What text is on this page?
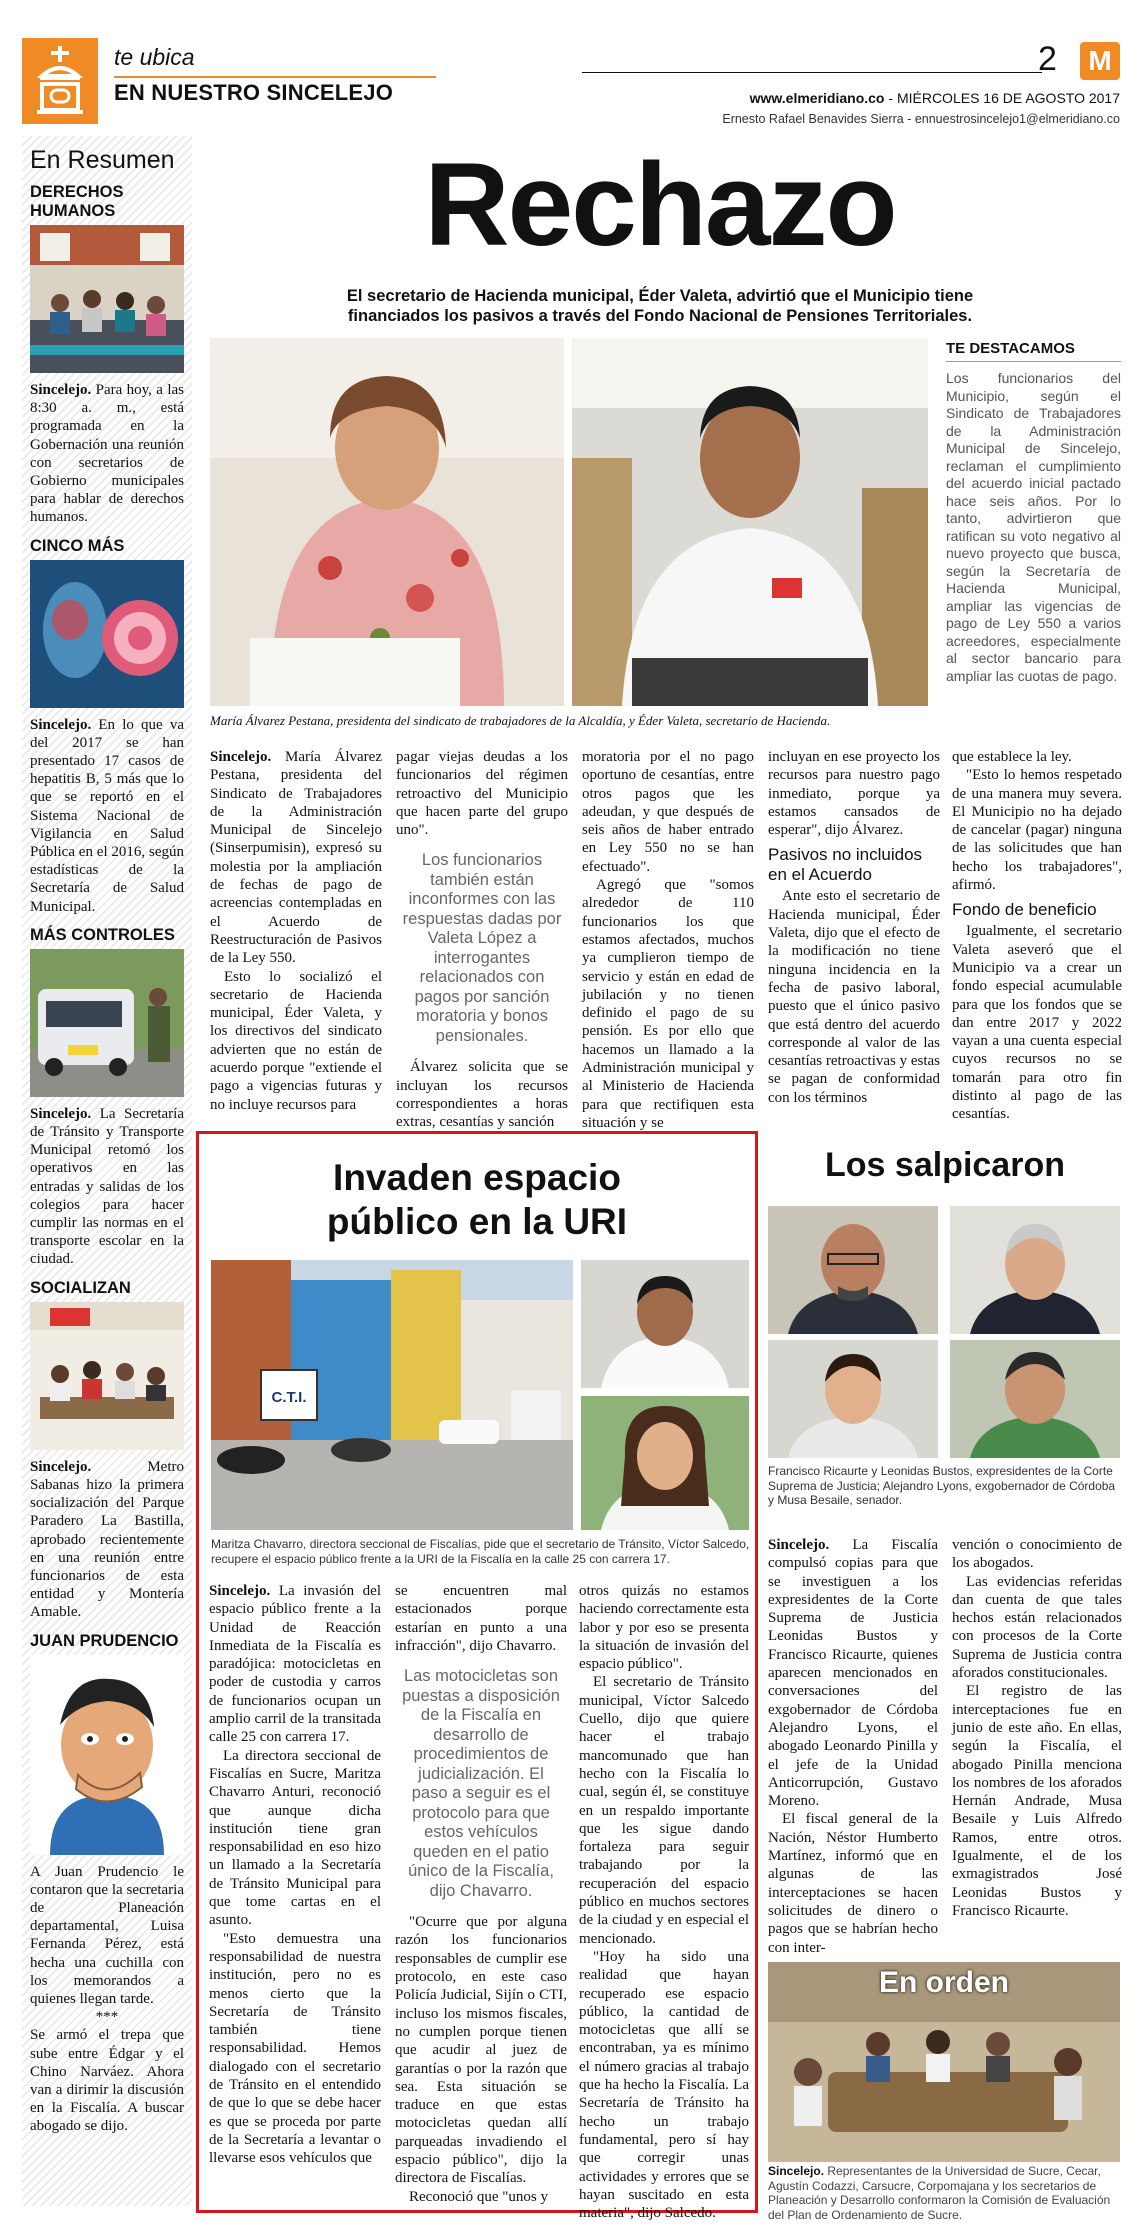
te ubica
EN NUESTRO SINCELEJO
2 M
www.elmeridiano.co - MIÉRCOLES 16 DE AGOSTO 2017
Ernesto Rafael Benavides Sierra - ennuestrosincelejo1@elmeridiano.co
En Resumen
DERECHOS HUMANOS
Sincelejo. Para hoy, a las 8:30 a. m., está programada en la Gobernación una reunión con secretarios de Gobierno municipales para hablar de derechos humanos.
CINCO MÁS
Sincelejo. En lo que va del 2017 se han presentado 17 casos de hepatitis B, 5 más que lo que se reportó en el Sistema Nacional de Vigilancia en Salud Pública en el 2016, según estadísticas de la Secretaría de Salud Municipal.
MÁS CONTROLES
Sincelejo. La Secretaría de Tránsito y Transporte Municipal retomó los operativos en las entradas y salidas de los colegios para hacer cumplir las normas en el transporte escolar en la ciudad.
SOCIALIZAN
Sincelejo. Metro Sabanas hizo la primera socialización del Parque Paradero La Bastilla, aprobado recientemente en una reunión entre funcionarios de esta entidad y Montería Amable.
JUAN PRUDENCIO
A Juan Prudencio le contaron que la secretaria de Planeación departamental, Luisa Fernanda Pérez, está hecha una cuchilla con los memorandos a quienes llegan tarde.
***
Se armó el trepa que sube entre Édgar y el Chino Narváez. Ahora van a dirimir la discusión en la Fiscalía. A buscar abogado se dijo.
Rechazo
El secretario de Hacienda municipal, Éder Valeta, advirtió que el Municipio tiene financiados los pasivos a través del Fondo Nacional de Pensiones Territoriales.
María Álvarez Pestana, presidenta del sindicato de trabajadores de la Alcaldía, y Éder Valeta, secretario de Hacienda.
TE DESTACAMOS
Los funcionarios del Municipio, según el Sindicato de Trabajadores de la Administración Municipal de Sincelejo, reclaman el cumplimiento del acuerdo inicial pactado hace seis años. Por lo tanto, advirtieron que ratifican su voto negativo al nuevo proyecto que busca, según la Secretaría de Hacienda Municipal, ampliar las vigencias de pago de Ley 550 a varios acreedores, especialmente al sector bancario para ampliar las cuotas de pago.

Sincelejo. María Álvarez Pestana, presidenta del Sindicato de Trabajadores de la Administración Municipal de Sincelejo (Sinserpumisin), expresó su molestia por la ampliación de fechas de pago de acreencias contempladas en el Acuerdo de Reestructuración de Pasivos de la Ley 550.

Esto lo socializó el secretario de Hacienda municipal, Éder Valeta, y los directivos del sindicato advierten que no están de acuerdo porque "extiende el pago a vigencias futuras y no incluye recursos para

pagar viejas deudas a los funcionarios del régimen retroactivo del Municipio que hacen parte del grupo uno".

Los funcionarios también están inconformes con las respuestas dadas por Valeta López a interrogantes relacionados con pagos por sanción moratoria y bonos pensionales.

Álvarez solicita que se incluyan los recursos correspondientes a horas extras, cesantías y sanción

moratoria por el no pago oportuno de cesantías, entre otros pagos que les adeudan, y que después de seis años de haber entrado en Ley 550 no se han efectuado".

Agregó que "somos alrededor de 110 funcionarios los que estamos afectados, muchos ya cumplieron tiempo de servicio y están en edad de jubilación y no tienen definido el pago de su pensión. Es por ello que hacemos un llamado a la Administración municipal y al Ministerio de Hacienda para que rectifiquen esta situación y se

incluyan en ese proyecto los recursos para nuestro pago inmediato, porque ya estamos cansados de esperar", dijo Álvarez.

Pasivos no incluidos en el Acuerdo

Ante esto el secretario de Hacienda municipal, Éder Valeta, dijo que el efecto de la modificación no tiene ninguna incidencia en la fecha de pasivo laboral, puesto que el único pasivo que está dentro del acuerdo corresponde al valor de las cesantías retroactivas y estas se pagan de conformidad con los términos

que establece la ley.

"Esto lo hemos respetado de una manera muy severa. El Municipio no ha dejado de cancelar (pagar) ninguna de las solicitudes que han hecho los trabajadores", afirmó.

Fondo de beneficio

Igualmente, el secretario Valeta aseveró que el Municipio va a crear un fondo especial acumulable para que los fondos que se dan entre 2017 y 2022 vayan a una cuenta especial cuyos recursos no se tomarán para otro fin distinto al pago de las cesantías.

Invaden espacio
público en la URI
C.T.I.
Maritza Chavarro, directora seccional de Fiscalías, pide que el secretario de Tránsito, Víctor Salcedo, recupere el espacio público frente a la URI de la Fiscalía en la calle 25 con carrera 17.

Sincelejo. La invasión del espacio público frente a la Unidad de Reacción Inmediata de la Fiscalía es paradójica: motocicletas en poder de custodia y carros de funcionarios ocupan un amplio carril de la transitada calle 25 con carrera 17.

La directora seccional de Fiscalías en Sucre, Maritza Chavarro Anturi, reconoció que aunque dicha institución tiene gran responsabilidad en eso hizo un llamado a la Secretaría de Tránsito Municipal para que tome cartas en el asunto.

"Esto demuestra una responsabilidad de nuestra institución, pero no es menos cierto que la Secretaría de Tránsito también tiene responsabilidad. Hemos dialogado con el secretario de Tránsito en el entendido de que lo que se debe hacer es que se proceda por parte de la Secretaría a levantar o llevarse esos vehículos que

se encuentren mal estacionados porque estarían en punto a una infracción", dijo Chavarro.

Las motocicletas son puestas a disposición de la Fiscalía en desarrollo de procedimientos de judicialización. El paso a seguir es el protocolo para que estos vehículos queden en el patio único de la Fiscalía, dijo Chavarro.

"Ocurre que por alguna razón los funcionarios responsables de cumplir ese protocolo, en este caso Policía Judicial, Sijín o CTI, incluso los mismos fiscales, no cumplen porque tienen que acudir al juez de garantías o por la razón que sea. Esta situación se traduce en que estas motocicletas quedan allí parqueadas invadiendo el espacio público", dijo la directora de Fiscalías.

Reconoció que "unos y

otros quizás no estamos haciendo correctamente esta labor y por eso se presenta la situación de invasión del espacio público".

El secretario de Tránsito municipal, Víctor Salcedo Cuello, dijo que quiere hacer el trabajo mancomunado que han hecho con la Fiscalía lo cual, según él, se constituye en un respaldo importante que les sigue dando fortaleza para seguir trabajando por la recuperación del espacio público en muchos sectores de la ciudad y en especial el mencionado.

"Hoy ha sido una realidad que hayan recuperado ese espacio público, la cantidad de motocicletas que allí se encontraban, ya es mínimo el número gracias al trabajo que ha hecho la Fiscalía. La Secretaría de Tránsito ha hecho un trabajo fundamental, pero sí hay que corregir unas actividades y errores que se hayan suscitado en esta materia", dijo Salcedo.

Los salpicaron
Francisco Ricaurte y Leonidas Bustos, expresidentes de la Corte Suprema de Justicia; Alejandro Lyons, exgobernador de Córdoba y Musa Besaile, senador.

Sincelejo. La Fiscalía compulsó copias para que se investiguen a los expresidentes de la Corte Suprema de Justicia Leonidas Bustos y Francisco Ricaurte, quienes aparecen mencionados en conversaciones del exgobernador de Córdoba Alejandro Lyons, el abogado Leonardo Pinilla y el jefe de la Unidad Anticorrupción, Gustavo Moreno.

El fiscal general de la Nación, Néstor Humberto Martínez, informó que en algunas de las interceptaciones se hacen solicitudes de dinero o pagos que se habrían hecho con inter-

vención o conocimiento de los abogados.

Las evidencias referidas dan cuenta de que tales hechos están relacionados con procesos de la Corte Suprema de Justicia contra aforados constitucionales.

El registro de las interceptaciones fue en junio de este año. En ellas, según la Fiscalía, el abogado Pinilla menciona los nombres de los aforados Hernán Andrade, Musa Besaile y Luis Alfredo Ramos, entre otros. Igualmente, el de los exmagistrados José Leonidas Bustos y Francisco Ricaurte.

En orden
Sincelejo. Representantes de la Universidad de Sucre, Cecar, Agustín Codazzi, Carsucre, Corpomajana y los secretarios de Planeación y Desarrollo conformaron la Comisión de Evaluación del Plan de Ordenamiento de Sucre.
